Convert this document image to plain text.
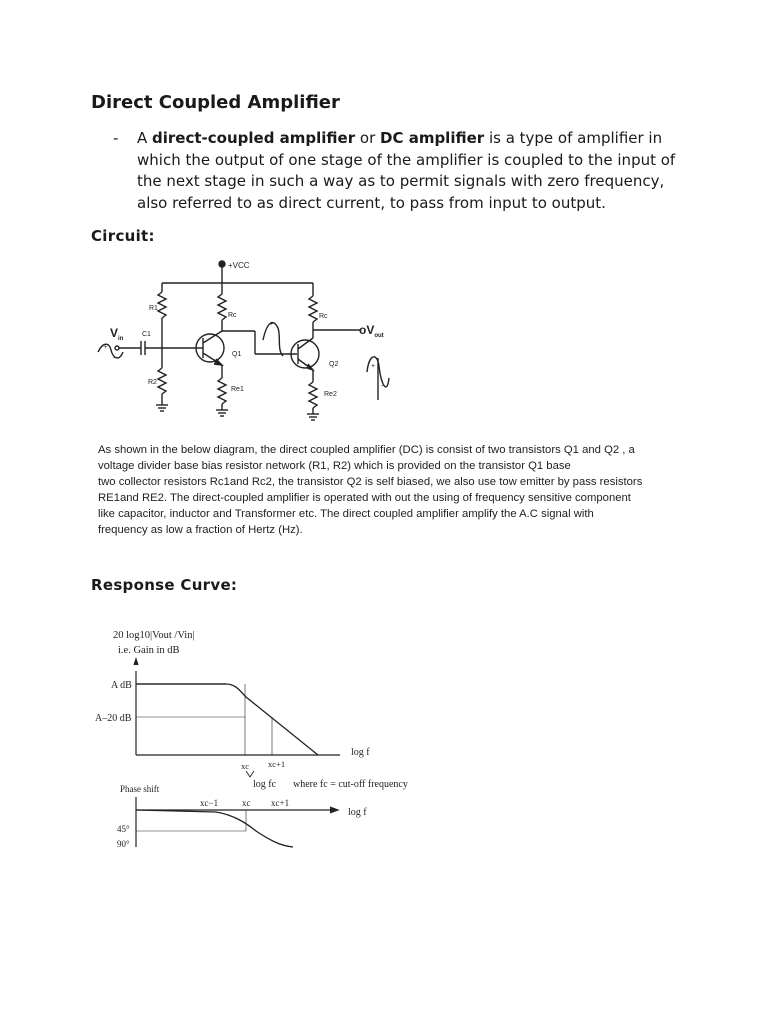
Direct Coupled Amplifier
-	A direct-coupled amplifier or DC amplifier is a type of amplifier in which the output of one stage of the amplifier is coupled to the input of the next stage in such a way as to permit signals with zero frequency, also referred to as direct current, to pass from input to output.
Circuit:
+VCC
R1
R2
$V_{in}$
C1
+
-
Q1
Rc
Re1
+
Q2
Rc
Re2
$oV_{out}$
+
-
As shown in the below diagram, the direct coupled amplifier (DC) is consist of two transistors Q1 and Q2 , a
voltage divider base bias resistor network (R1, R2) which is provided on the transistor Q1 base
two collector resistors Rc1and Rc2, the transistor Q2 is self biased, we also use tow emitter by pass resistors
RE1and RE2. The direct-coupled amplifier is operated with out the using of frequency sensitive component
like capacitor, inductor and Transformer etc. The direct coupled amplifier amplify the A.C signal with
frequency as low a fraction of Hertz (Hz).
Response Curve:
20 log10|Vout /Vin|
i.e. Gain in dB
A dB
A–20 dB
log f
xc xc+1
log fc where fc = cut-off frequency
Phase shift
log f
xc−1	xc xc+1
45°
90°
